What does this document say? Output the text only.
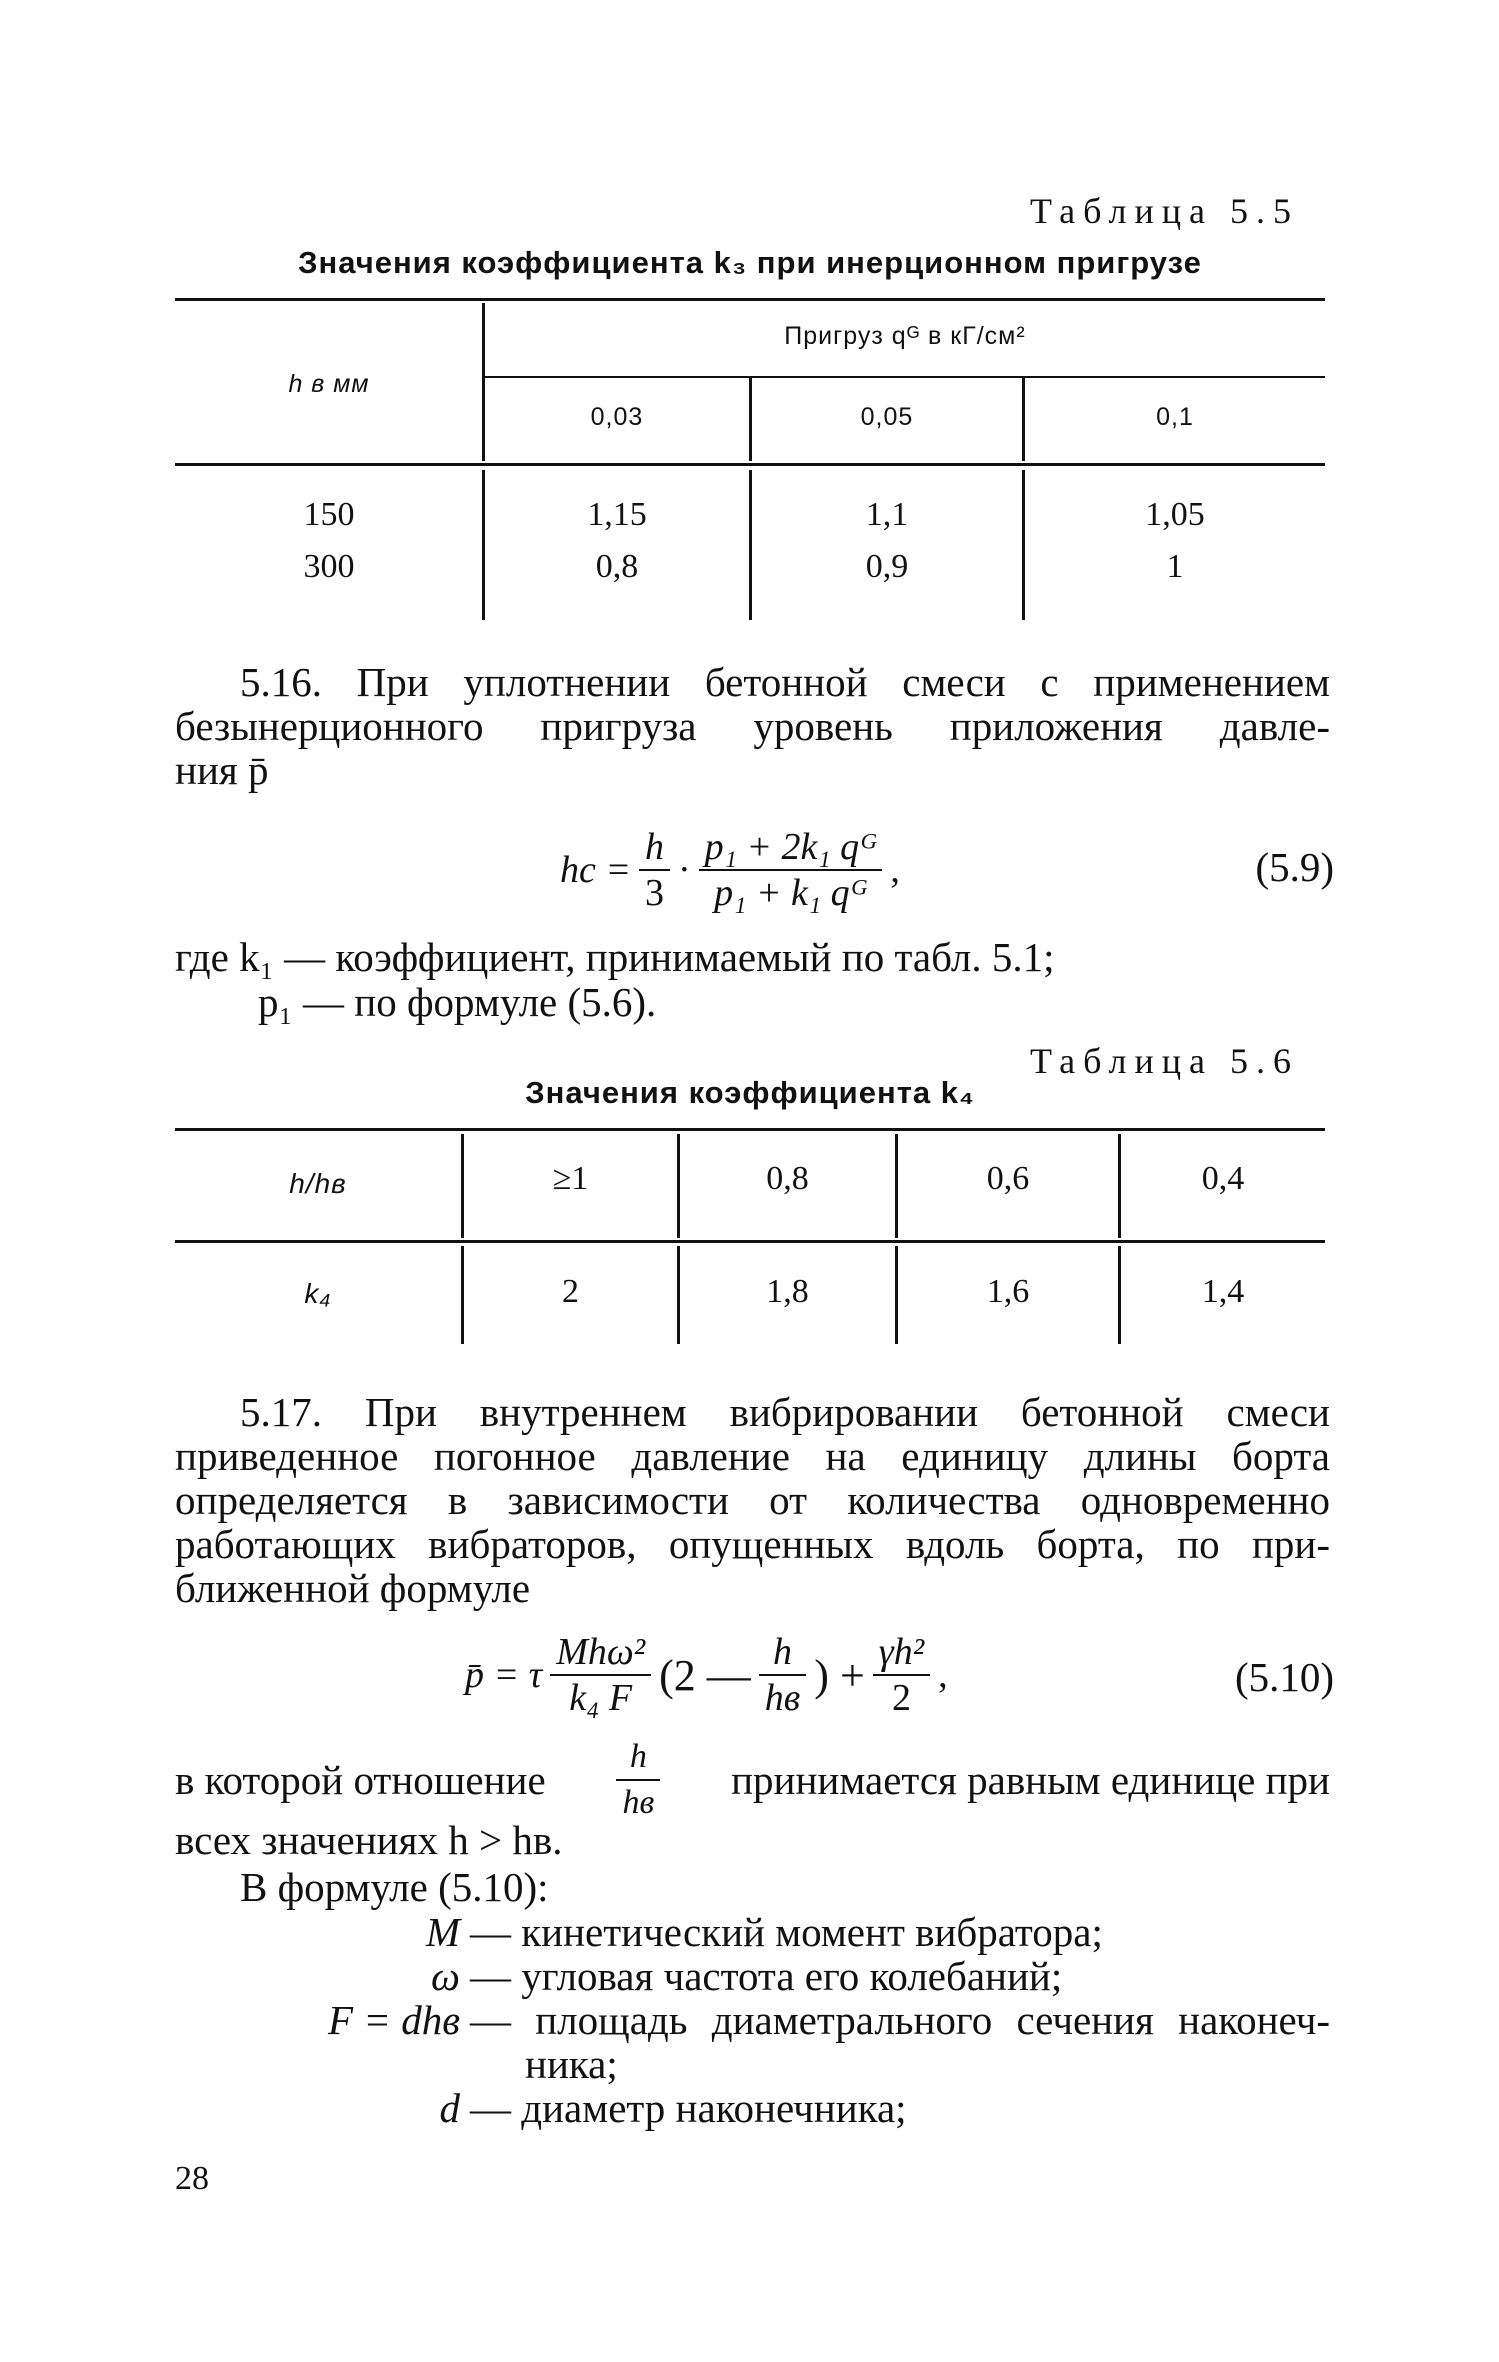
Таблица 5.5
Значения коэффициента k₃ при инерционном пригрузе
h в мм
Пригруз qᴳ в кГ/см²
0,03	0,05	0,1
150	1,15	1,1	1,05
300	0,8	0,9	1
5.16. При уплотнении бетонной смеси с применением
безынерционного пригруза уровень приложения давле-
ния p̄
hc = $\frac{h}{3} \cdot \frac{\text{p₁ + 2k₁ qᴳ}}{\text{p₁ + k₁ qᴳ}}$ ,	(5.9)
где k₁ — коэффициент, принимаемый по табл. 5.1;
p₁ — по формуле (5.6).
Таблица 5.6
Значения коэффициента k₄
h/hв	≥1	0,8	0,6	0,4
k₄	2	1,8	1,6	1,4
5.17. При внутреннем вибрировании бетонной смеси
приведенное погонное давление на единицу длины борта
определяется в зависимости от количества одновременно
работающих вибраторов, опущенных вдоль борта, по при-
ближенной формуле
p̄ = τ $\frac{\text{Mhω²}}{\text{k₄ F}} (2$ — $\frac{h}{hв}$ ) + $\frac{\text{γh²}}{2}$ ,	(5.10)
в которой отношение $\frac{h}{hв}$ принимается равным единице при
всех значениях h > hв.
В формуле (5.10):
M — кинетический момент вибратора;
ω — угловая частота его колебаний;
F = dhв — площадь диаметрального сечения наконеч-
ника;
d — диаметр наконечника;
28
